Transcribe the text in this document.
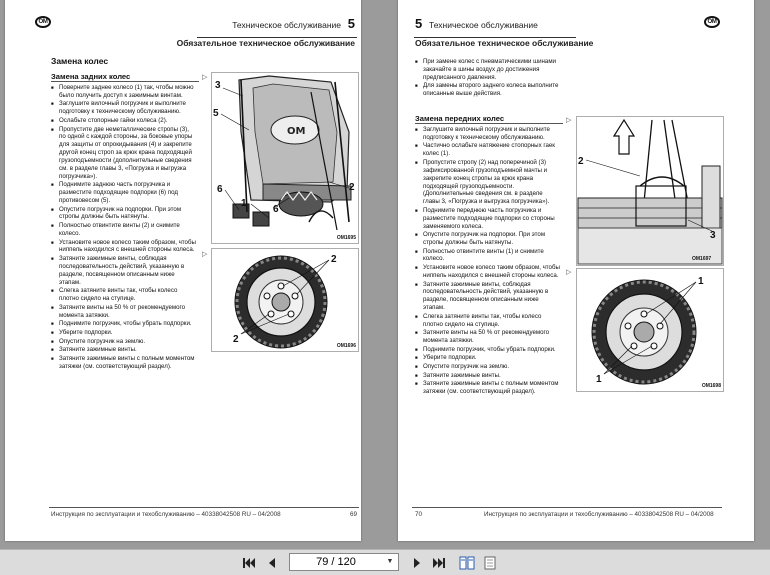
OM	Техническое обслуживание 5
Обязательное техническое обслуживание
Замена колес
Замена задних колес
■ Поверните заднее колесо (1) так, чтобы можно было получить доступ к зажимным винтам.
■ Заглушите вилочный погрузчик и выполните подготовку к техническому обслуживанию.
■ Ослабьте стопорные гайки колеса (2).
■ Пропустите две неметаллические стропы (3), по одной с каждой стороны, за боковые упоры для защиты от опрокидывания (4) и закрепите другой конец строп за крюк крана подходящей грузоподъемности (дополнительные сведения см. в разделе главы 3, «Погрузка и выгрузка погрузчика»).
■ Поднимите заднюю часть погрузчика и разместите подходящие подпорки (6) под противовесом (5).
■ Опустите погрузчик на подпорки. При этом стропы должны быть натянуты.
■ Полностью отвинтите винты (2) и снимите колесо.
■ Установите новое колесо таким образом, чтобы ниппель находился с внешней стороны колеса.
■ Затяните зажимные винты, соблюдая последовательность действий, указанную в разделе, посвященном описанным ниже этапам.
■ Слегка затяните винты так, чтобы колесо плотно сидело на ступице.
■ Затяните винты на 50 % от рекомендуемого момента затяжки.
■ Поднимите погрузчик, чтобы убрать подпорки.
■ Уберите подпорки.
■ Опустите погрузчик на землю.
■ Затяните зажимные винты.
■ Затяните зажимные винты с полным моментом затяжки (см. соответствующий раздел).
▷
▷
OM
3
5
6
1
6
2
OM1695
2
2
OM1696
Инструкция по эксплуатации и техобслуживанию – 40338042508 RU – 04/2008	69
OM
5 Техническое обслуживание
Обязательное техническое обслуживание
■ При замене колес с пневматическими шинами закачайте в шины воздух до достижения предписанного давления.
■ Для замены второго заднего колеса выполните описанные выше действия.
Замена передних колес
■ Заглушите вилочный погрузчик и выполните подготовку к техническому обслуживанию.
■ Частично ослабьте натяжение стопорных гаек колес (1).
■ Пропустите стропу (2) над поперечиной (3) зафиксированной грузоподъемной мачты и закрепите конец стропы за крюк крана подходящей грузоподъемности. (Дополнительные сведения см. в разделе главы 3, «Погрузка и выгрузка погрузчика»).
■ Поднимите переднюю часть погрузчика и разместите подходящие подпорки со стороны заменяемого колеса.
■ Опустите погрузчик на подпорки. При этом стропы должны быть натянуты.
■ Полностью отвинтите винты (1) и снимите колесо.
■ Установите новое колесо таким образом, чтобы ниппель находился с внешней стороны колеса.
■ Затяните зажимные винты, соблюдая последовательность действий, указанную в разделе, посвященном описанным ниже этапам.
■ Слегка затяните винты так, чтобы колесо плотно сидело на ступице.
■ Затяните винты на 50 % от рекомендуемого момента затяжки.
■ Поднимите погрузчик, чтобы убрать подпорки.
■ Уберите подпорки.
■ Опустите погрузчик на землю.
■ Затяните зажимные винты.
■ Затяните зажимные винты с полным моментом затяжки (см. соответствующий раздел).
▷
▷
2
3
OM1697
1
1
OM1698
70	Инструкция по эксплуатации и техобслуживанию – 40338042508 RU – 04/2008
79 / 120	▼
